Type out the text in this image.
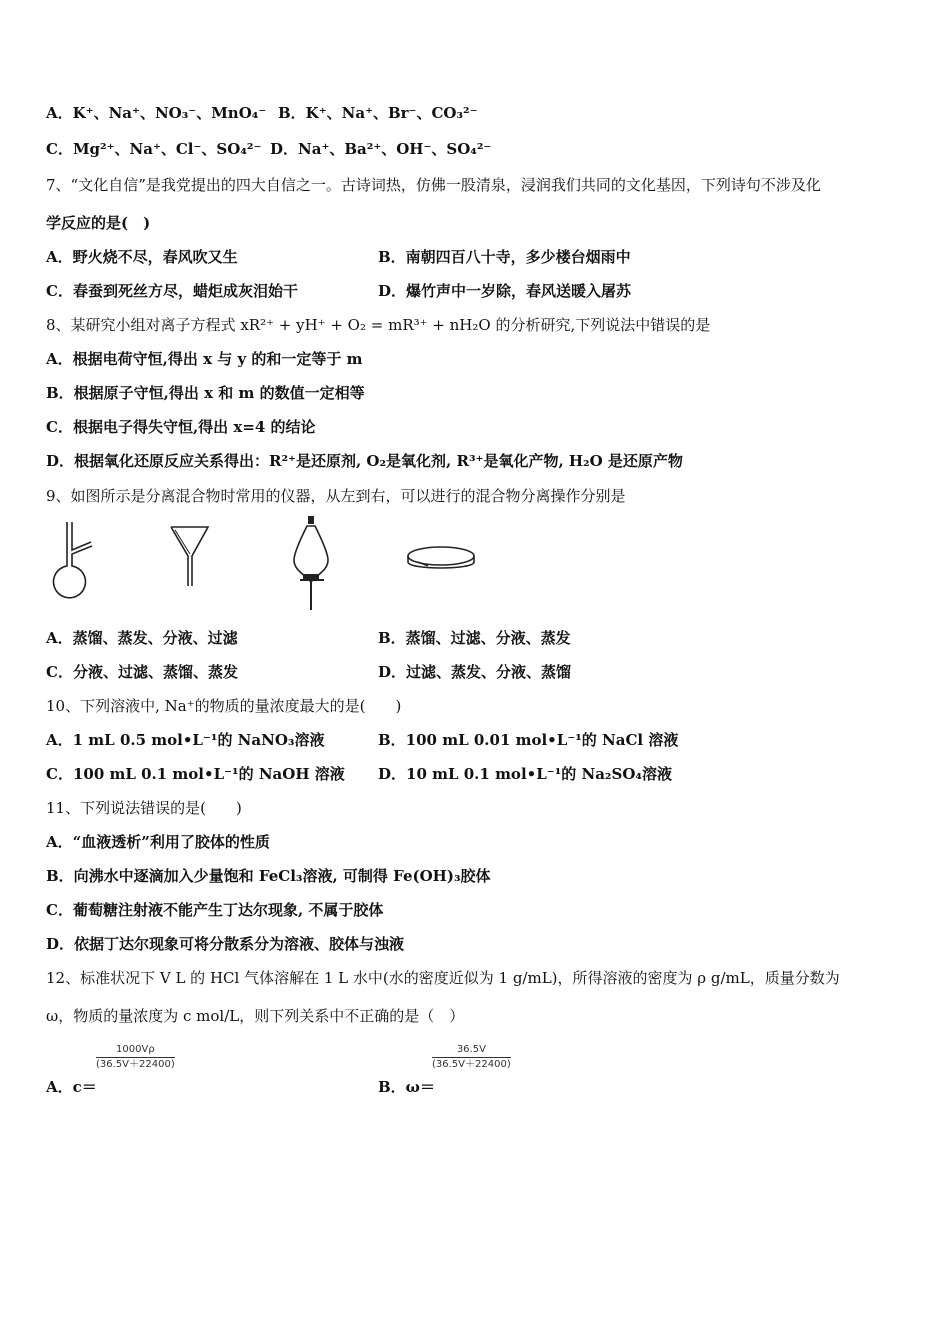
A．K⁺、Na⁺、NO₃⁻、MnO₄⁻ B．K⁺、Na⁺、Br⁻、CO₃²⁻
C．Mg²⁺、Na⁺、Cl⁻、SO₄²⁻ D．Na⁺、Ba²⁺、OH⁻、SO₄²⁻
7、“文化自信”是我党提出的四大自信之一。古诗词热，仿佛一股清泉，浸润我们共同的文化基因，下列诗句不涉及化
学反应的是(　)
A．野火烧不尽，春风吹又生	B．南朝四百八十寺，多少楼台烟雨中
C．春蚕到死丝方尽，蜡炬成灰泪始干	D．爆竹声中一岁除，春风送暖入屠苏
8、某研究小组对离子方程式 xR²⁺ + yH⁺ + O₂ = mR³⁺ + nH₂O 的分析研究,下列说法中错误的是
A．根据电荷守恒,得出 x 与 y 的和一定等于 m
B．根据原子守恒,得出 x 和 m 的数值一定相等
C．根据电子得失守恒,得出 x=4 的结论
D．根据氧化还原反应关系得出：R²⁺是还原剂, O₂是氧化剂, R³⁺是氧化产物, H₂O 是还原产物
9、如图所示是分离混合物时常用的仪器，从左到右，可以进行的混合物分离操作分别是
A．蒸馏、蒸发、分液、过滤	B．蒸馏、过滤、分液、蒸发
C．分液、过滤、蒸馏、蒸发	D．过滤、蒸发、分液、蒸馏
10、下列溶液中, Na⁺的物质的量浓度最大的是(　　)
A．1 mL 0.5 mol•L⁻¹的 NaNO₃溶液	B．100 mL 0.01 mol•L⁻¹的 NaCl 溶液
C．100 mL 0.1 mol•L⁻¹的 NaOH 溶液 D．10 mL 0.1 mol•L⁻¹的 Na₂SO₄溶液
11、下列说法错误的是(　　)
A．“血液透析”利用了胶体的性质
B．向沸水中逐滴加入少量饱和 FeCl₃溶液, 可制得 Fe(OH)₃胶体
C．葡萄糖注射液不能产生丁达尔现象, 不属于胶体
D．依据丁达尔现象可将分散系分为溶液、胶体与浊液
12、标准状况下 V L 的 HCl 气体溶解在 1 L 水中(水的密度近似为 1 g/mL)，所得溶液的密度为 ρ g/mL，质量分数为
ω，物质的量浓度为 c mol/L，则下列关系中不正确的是（　）
$\frac{1000V\rho}{(36.5V+22400)}$
A．c＝
$\frac{36.5V}{(36.5V+22400)}$
B．ω＝
